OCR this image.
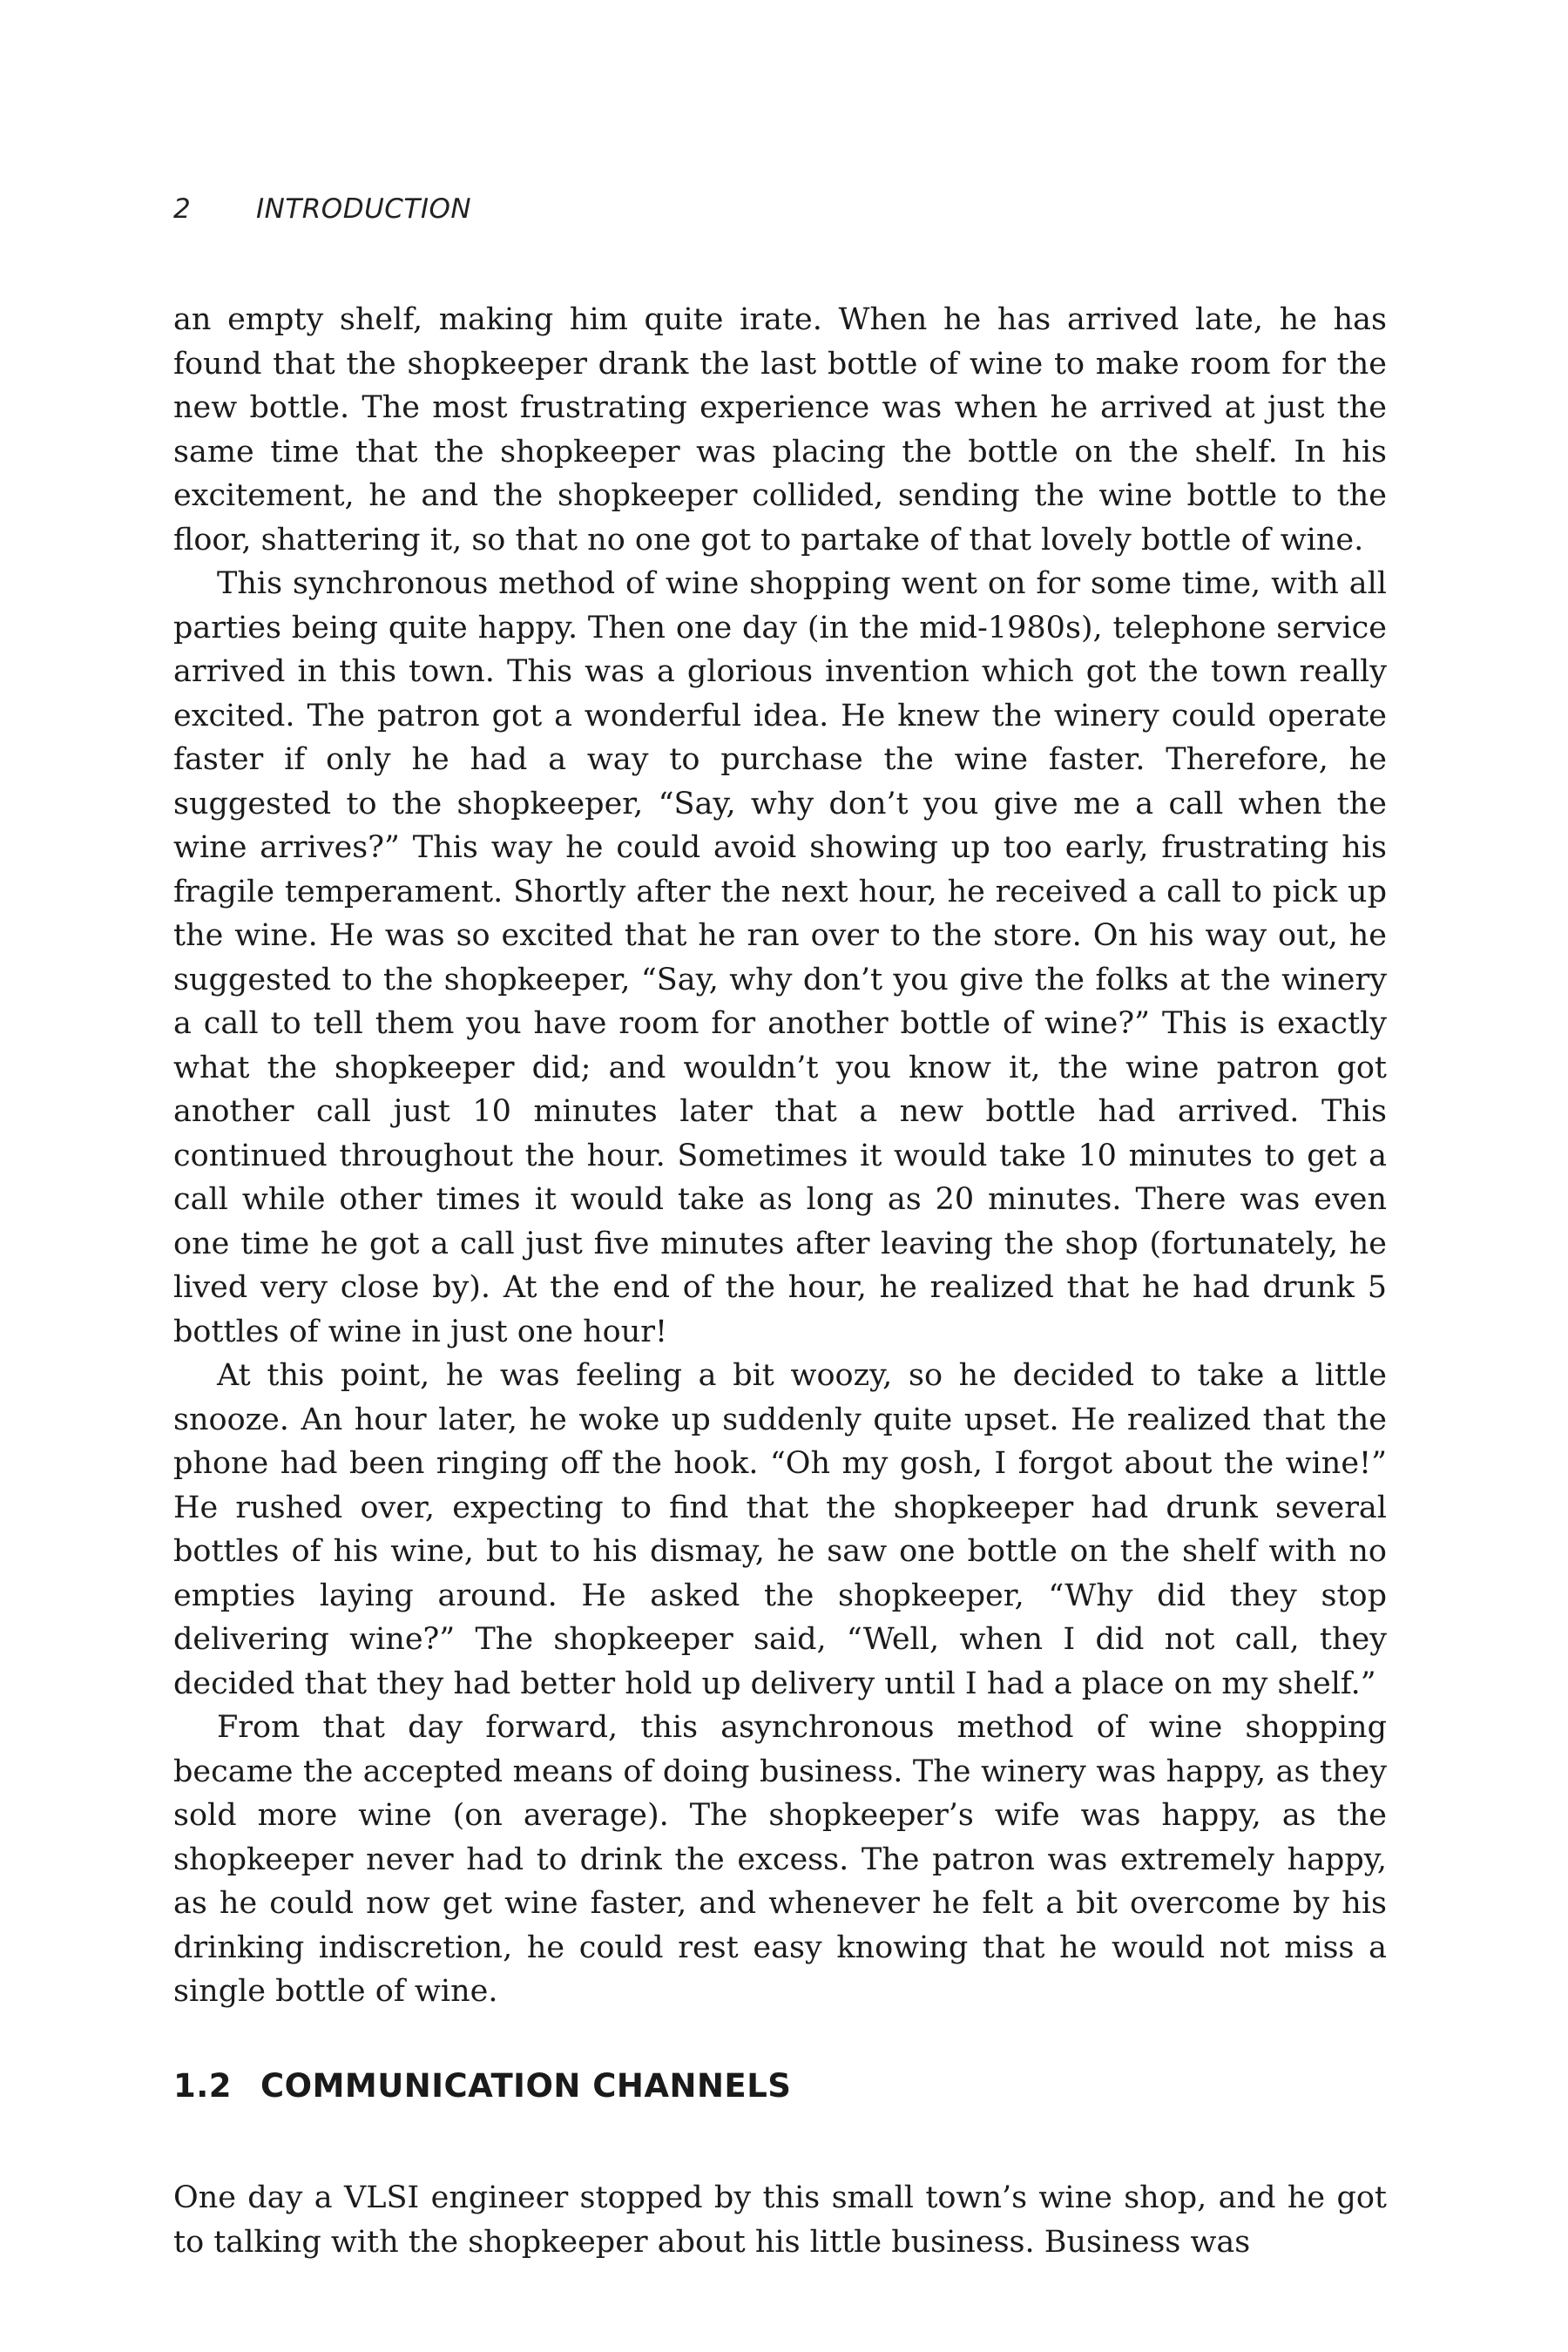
2	INTRODUCTION

an empty shelf, making him quite irate. When he has arrived late, he has found that the shopkeeper drank the last bottle of wine to make room for the new bottle. The most frustrating experience was when he arrived at just the same time that the shopkeeper was placing the bottle on the shelf. In his excitement, he and the shopkeeper collided, sending the wine bottle to the floor, shattering it, so that no one got to partake of that lovely bottle of wine.

This synchronous method of wine shopping went on for some time, with all parties being quite happy. Then one day (in the mid-1980s), telephone service arrived in this town. This was a glorious invention which got the town really excited. The patron got a wonderful idea. He knew the winery could operate faster if only he had a way to purchase the wine faster. Therefore, he suggested to the shopkeeper, “Say, why don’t you give me a call when the wine arrives?” This way he could avoid showing up too early, frustrating his fragile temperament. Shortly after the next hour, he received a call to pick up the wine. He was so excited that he ran over to the store. On his way out, he suggested to the shopkeeper, “Say, why don’t you give the folks at the winery a call to tell them you have room for another bottle of wine?” This is exactly what the shopkeeper did; and wouldn’t you know it, the wine patron got another call just 10 minutes later that a new bottle had arrived. This continued throughout the hour. Sometimes it would take 10 minutes to get a call while other times it would take as long as 20 minutes. There was even one time he got a call just five minutes after leaving the shop (fortunately, he lived very close by). At the end of the hour, he realized that he had drunk 5 bottles of wine in just one hour!

At this point, he was feeling a bit woozy, so he decided to take a little snooze. An hour later, he woke up suddenly quite upset. He realized that the phone had been ringing off the hook. “Oh my gosh, I forgot about the wine!” He rushed over, expecting to find that the shopkeeper had drunk several bottles of his wine, but to his dismay, he saw one bottle on the shelf with no empties laying around. He asked the shopkeeper, “Why did they stop delivering wine?” The shopkeeper said, “Well, when I did not call, they decided that they had better hold up delivery until I had a place on my shelf.”

From that day forward, this asynchronous method of wine shopping became the accepted means of doing business. The winery was happy, as they sold more wine (on average). The shopkeeper’s wife was happy, as the shopkeeper never had to drink the excess. The patron was extremely happy, as he could now get wine faster, and whenever he felt a bit overcome by his drinking indiscretion, he could rest easy knowing that he would not miss a single bottle of wine.

1.2 COMMUNICATION CHANNELS

One day a VLSI engineer stopped by this small town’s wine shop, and he got to talking with the shopkeeper about his little business. Business was
